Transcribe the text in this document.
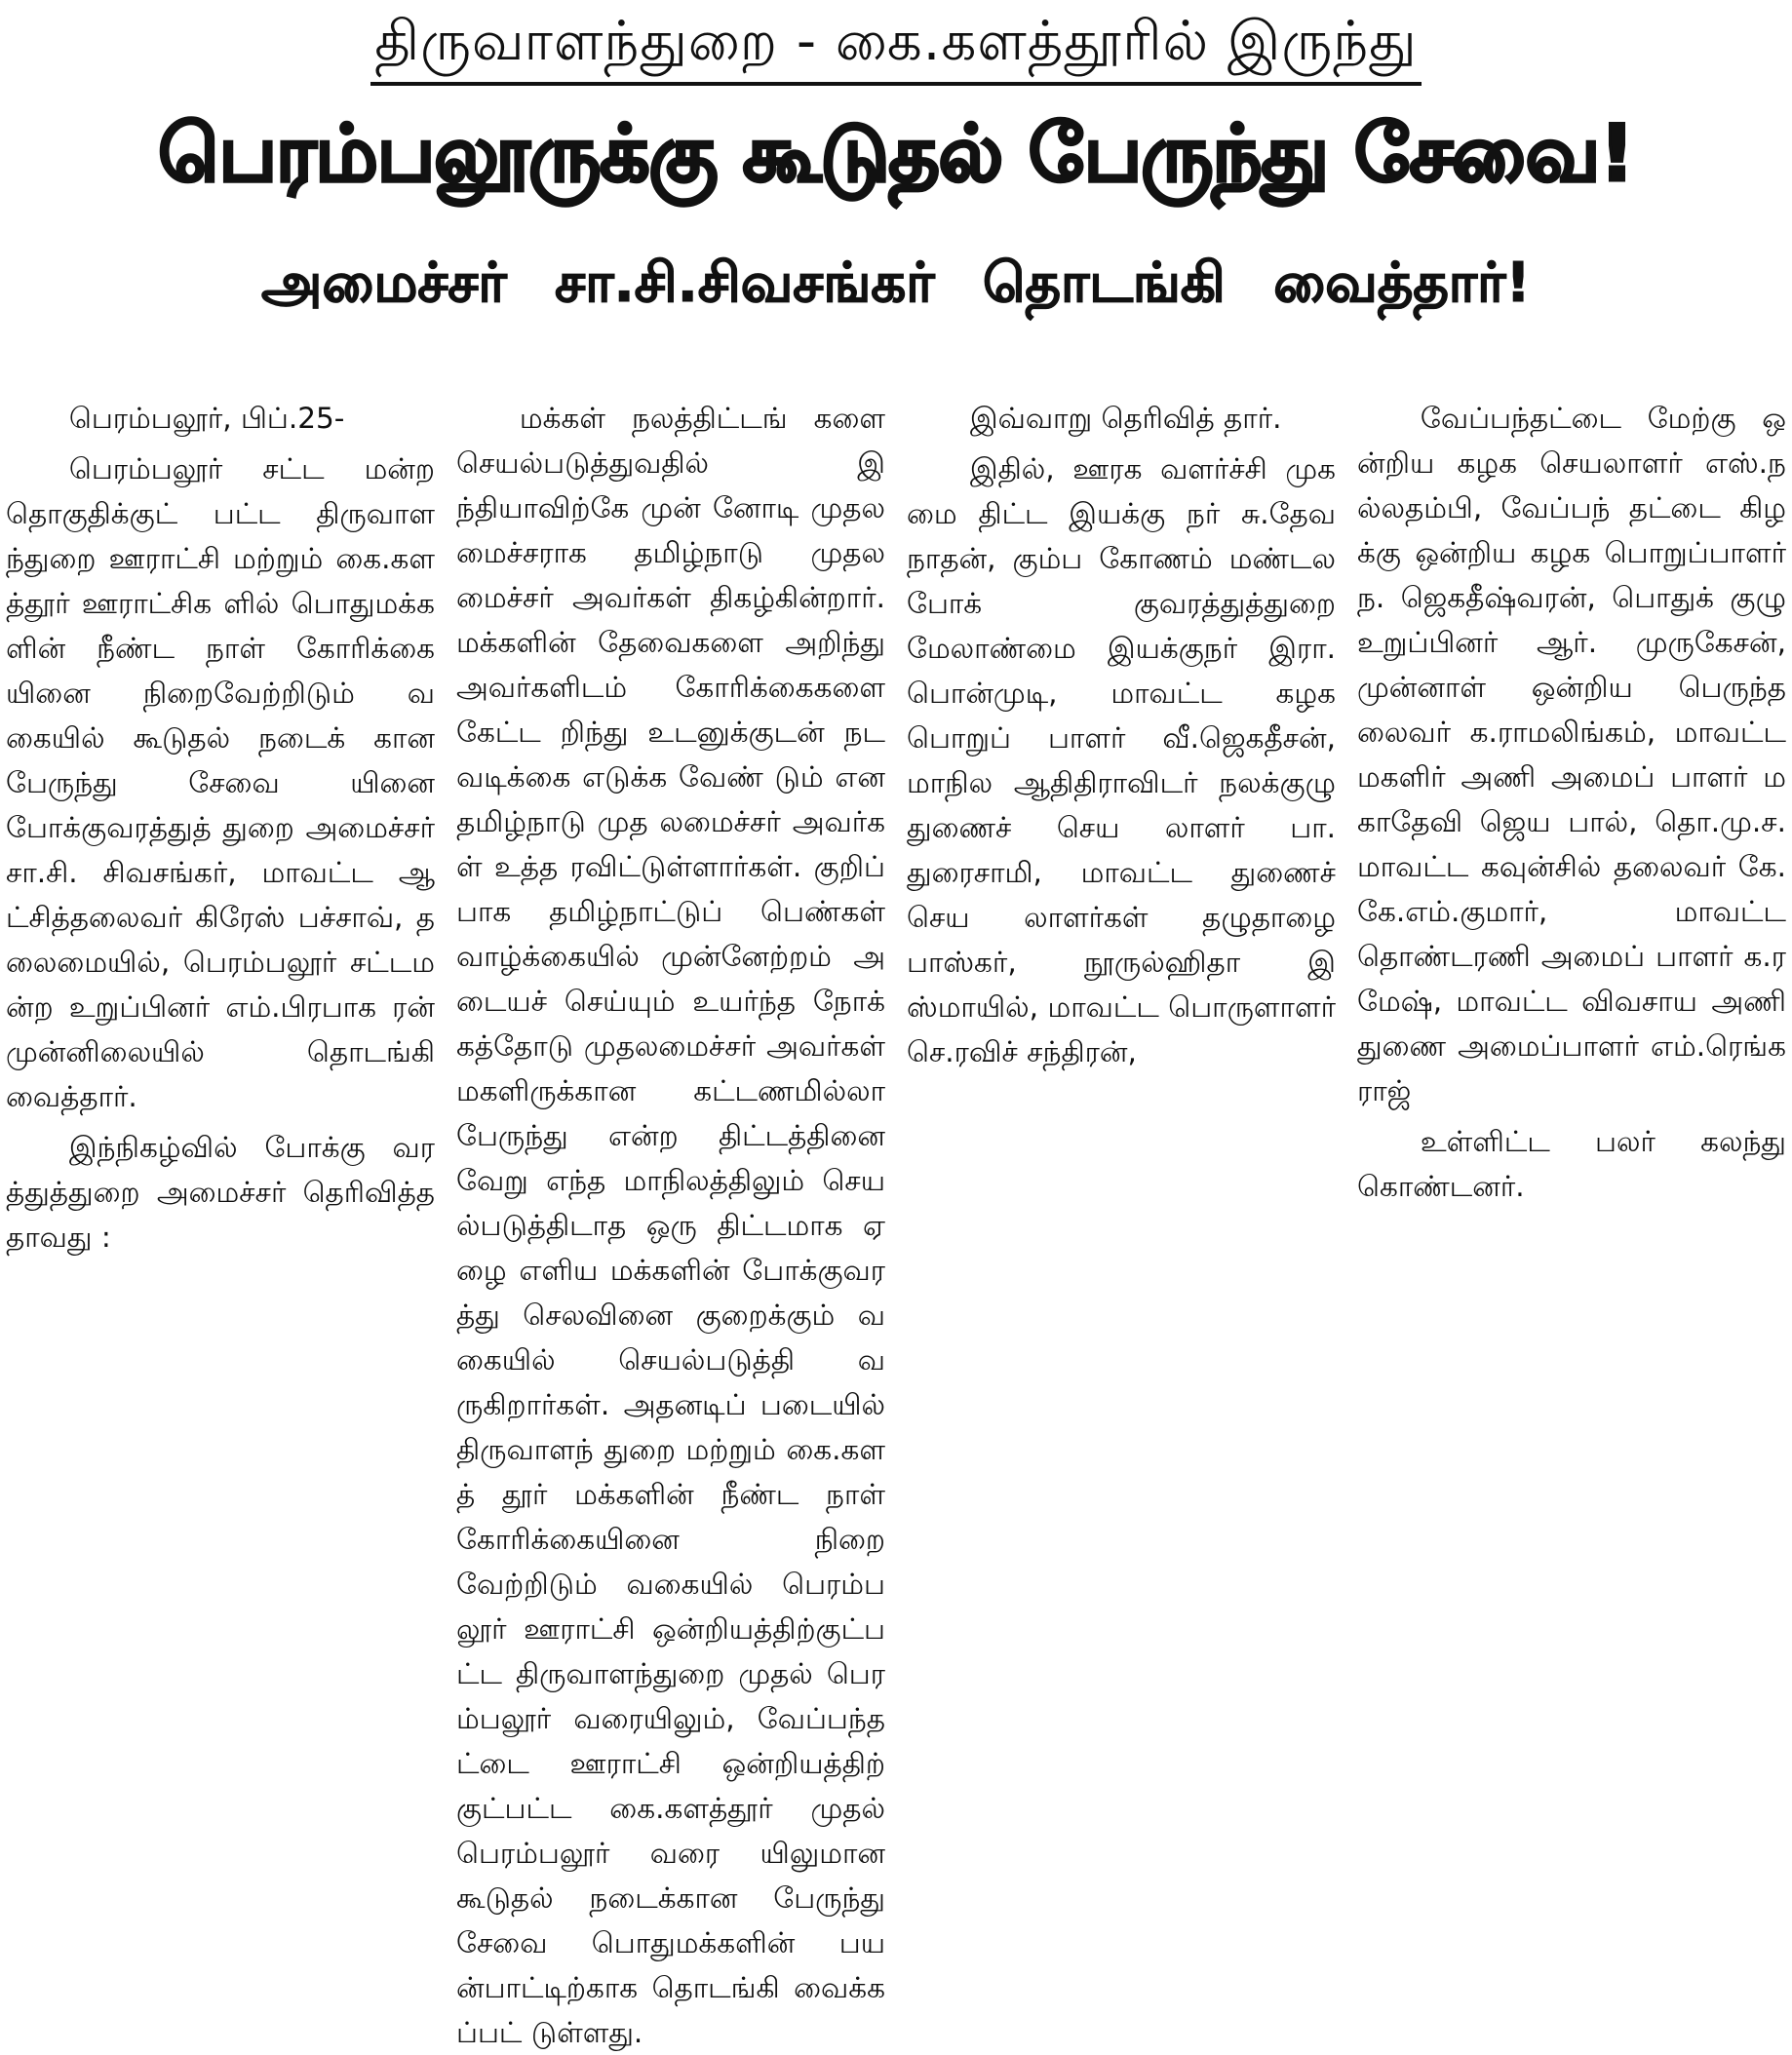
திருவாளந்துறை - கை.களத்தூரில் இருந்து
பெரம்பலூருக்கு கூடுதல் பேருந்து சேவை!
அமைச்சர் சா.சி.சிவசங்கர் தொடங்கி வைத்தார்!

பெரம்பலூர், பிப்.25-

பெரம்பலூர் சட்ட மன்ற தொகுதிக்குட் பட்ட திருவாளந்துறை ஊராட்சி மற்றும் கை.களத்தூர் ஊராட்சிக ளில் பொதுமக்களின் நீண்ட நாள் கோரிக்கை யினை நிறைவேற்றிடும் வகையில் கூடுதல் நடைக் கான பேருந்து சேவை யினை போக்குவரத்துத் துறை அமைச்சர் சா.சி. சிவசங்கர், மாவட்ட ஆட்சித்தலைவர் கிரேஸ் பச்சாவ், தலைமையில், பெரம்பலூர் சட்டமன்ற உறுப்பினர் எம்.பிரபாக ரன் முன்னிலையில் தொடங்கி வைத்தார்.

இந்நிகழ்வில் போக்கு வரத்துத்துறை அமைச்சர் தெரிவித்ததாவது :

மக்கள் நலத்திட்டங் களை செயல்படுத்துவதில் இந்தியாவிற்கே முன் னோடி முதலமைச்சராக தமிழ்நாடு முதலமைச்சர் அவர்கள் திகழ்கின்றார். மக்களின் தேவைகளை அறிந்து அவர்களிடம் கோரிக்கைகளை கேட்ட றிந்து உடனுக்குடன் நட வடிக்கை எடுக்க வேண் டும் என தமிழ்நாடு முத லமைச்சர் அவர்கள் உத்த ரவிட்டுள்ளார்கள். குறிப் பாக தமிழ்நாட்டுப் பெண்கள் வாழ்க்கையில் முன்னேற்றம் அடையச் செய்யும் உயர்ந்த நோக் கத்தோடு முதலமைச்சர் அவர்கள் மகளிருக்கான கட்டணமில்லா பேருந்து என்ற திட்டத்தினை வேறு எந்த மாநிலத்திலும் செயல்படுத்திடாத ஒரு திட்டமாக ஏழை எளிய மக்களின் போக்குவரத்து செலவினை குறைக்கும் வகையில் செயல்படுத்தி வருகிறார்கள். அதனடிப் படையில் திருவாளந் துறை மற்றும் கை.களத் தூர் மக்களின் நீண்ட நாள் கோரிக்கையினை நிறை வேற்றிடும் வகையில் பெரம்பலூர் ஊராட்சி ஒன்றியத்திற்குட்பட்ட திருவாளந்துறை முதல் பெரம்பலூர் வரையிலும், வேப்பந்தட்டை ஊராட்சி ஒன்றியத்திற் குட்பட்ட கை.களத்தூர் முதல் பெரம்பலூர் வரை யிலுமான கூடுதல் நடைக்கான பேருந்து சேவை பொதுமக்களின் பயன்பாட்டிற்காக தொடங்கி வைக்கப்பட் டுள்ளது.

இவ்வாறு தெரிவித் தார்.

இதில், ஊரக வளர்ச்சி முகமை திட்ட இயக்கு நர் சு.தேவநாதன், கும்ப கோணம் மண்டல போக் குவரத்துத்துறை மேலாண்மை இயக்குநர் இரா.பொன்முடி, மாவட்ட கழக பொறுப் பாளர் வீ.ஜெகதீசன், மாநில ஆதிதிராவிடர் நலக்குழு துணைச் செய லாளர் பா.துரைசாமி, மாவட்ட துணைச் செய லாளர்கள் தழுதாழை பாஸ்கர், நூருல்ஹிதா இஸ்மாயில், மாவட்ட பொருளாளர் செ.ரவிச் சந்திரன்,

வேப்பந்தட்டை மேற்கு ஒன்றிய கழக செயலாளர் எஸ்.நல்லதம்பி, வேப்பந் தட்டை கிழக்கு ஒன்றிய கழக பொறுப்பாளர் ந. ஜெகதீஷ்வரன், பொதுக் குழு உறுப்பினர் ஆர். முருகேசன், முன்னாள் ஒன்றிய பெருந்தலைவர் க.ராமலிங்கம், மாவட்ட மகளிர் அணி அமைப் பாளர் மகாதேவி ஜெய பால், தொ.மு.ச.மாவட்ட கவுன்சில் தலைவர் கே. கே.எம்.குமார், மாவட்ட தொண்டரணி அமைப் பாளர் க.ரமேஷ், மாவட்ட விவசாய அணி துணை அமைப்பாளர் எம்.ரெங்கராஜ்

உள்ளிட்ட பலர் கலந்து கொண்டனர்.
